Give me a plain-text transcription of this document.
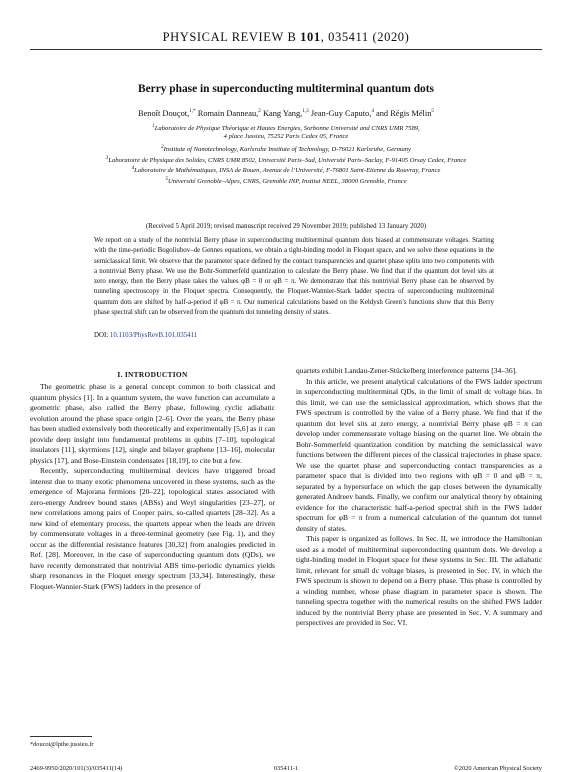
PHYSICAL REVIEW B 101, 035411 (2020)
Berry phase in superconducting multiterminal quantum dots
Benoît Douçot,$^{1,*}$ Romain Danneau,$^2$ Kang Yang,$^{1,3}$ Jean-Guy Caputo,$^4$ and Régis Mélin$^5$
$^1$Laboratoire de Physique Théorique et Hautes Energies, Sorbonne Université and CNRS UMR 7589,
4 place Jussieu, 75252 Paris Cedex 05, France
$^2$Institute of Nanotechnology, Karlsruhe Institute of Technology, D-76021 Karlsruhe, Germany
$^3$Laboratoire de Physique des Solides, CNRS UMR 8502, Université Paris–Sud, Université Paris–Saclay, F-91405 Orsay Cedex, France
$^4$Laboratoire de Mathématiques, INSA de Rouen, Avenue de l’Université, F-76801 Saint-Etienne du Rouvray, France
$^5$Université Grenoble–Alpes, CNRS, Grenoble INP, Institut NEEL, 38000 Grenoble, France
(Received 5 April 2019; revised manuscript received 29 November 2019; published 13 January 2020)
We report on a study of the nontrivial Berry phase in superconducting multiterminal quantum dots biased at commensurate voltages. Starting with the time-periodic Bogoliubov–de Gennes equations, we obtain a tight-binding model in Floquet space, and we solve these equations in the semiclassical limit. We observe that the parameter space defined by the contact transparencies and quartet phase splits into two components with a nontrivial Berry phase. We use the Bohr-Sommerfeld quantization to calculate the Berry phase. We find that if the quantum dot level sits at zero energy, then the Berry phase takes the values φB = 0 or φB = π. We demonstrate that this nontrivial Berry phase can be observed by tunneling spectroscopy in the Floquet spectra. Consequently, the Floquet-Wannier-Stark ladder spectra of superconducting multiterminal quantum dots are shifted by half-a-period if φB = π. Our numerical calculations based on the Keldysh Green’s functions show that this Berry phase spectral shift can be observed from the quantum dot tunneling density of states.
DOI: 10.1103/PhysRevB.101.035411
I. INTRODUCTION

The geometric phase is a general concept common to both classical and quantum physics [1]. In a quantum system, the wave function can accumulate a geometric phase, also called the Berry phase, following cyclic adiabatic evolution around the phase space origin [2–6]. Over the years, the Berry phase has been studied extensively both theoretically and experimentally [5,6] as it can provide deep insight into fundamental problems in qubits [7–10], topological insulators [11], skyrmions [12], single and bilayer graphene [13–16], molecular physics [17], and Bose-Einstein condensates [18,19], to cite but a few.

Recently, superconducting multiterminal devices have triggered broad interest due to many exotic phenomena uncovered in these systems, such as the emergence of Majorana fermions [20–22], topological states associated with zero-energy Andreev bound states (ABSs) and Weyl singularities [23–27], or new correlations among pairs of Cooper pairs, so-called quartets [28–32]. As a new kind of elementary process, the quartets appear when the leads are driven by commensurate voltages in a three-terminal geometry (see Fig. 1), and they occur as the differential resistance features [30,32] from analogies predicted in Ref. [28]. Moreover, in the case of superconducting quantum dots (QDs), we have recently demonstrated that nontrivial ABS time-periodic dynamics yields sharp resonances in the Floquet energy spectrum [33,34]. Interestingly, these Floquet-Wannier-Stark (FWS) ladders in the presence of

quartets exhibit Landau-Zener-Stückelberg interference patterns [34–36].

In this article, we present analytical calculations of the FWS ladder spectrum in superconducting multiterminal QDs, in the limit of small dc voltage bias. In this limit, we can use the semiclassical approximation, which shows that the FWS spectrum is controlled by the value of a Berry phase. We find that if the quantum dot level sits at zero energy, a nontrivial Berry phase φB = π can develop under commensurate voltage biasing on the quartet line. We obtain the Bohr-Sommerfeld quantization condition by matching the semiclassical wave functions between the different pieces of the classical trajectories in phase space. We use the quartet phase and superconducting contact transparencies as a parameter space that is divided into two regions with φB = 0 and φB = π, separated by a hypersurface on which the gap closes between the dynamically generated Andreev bands. Finally, we confirm our analytical theory by obtaining evidence for the characteristic half-a-period spectral shift in the FWS ladder spectrum for φB = π from a numerical calculation of the quantum dot tunnel density of states.

This paper is organized as follows. In Sec. II, we introduce the Hamiltonian used as a model of multiterminal superconducting quantum dots. We develop a tight-binding model in Floquet space for these systems in Sec. III. The adiabatic limit, relevant for small dc voltage biases, is presented in Sec. IV, in which the FWS spectrum is shown to depend on a Berry phase. This phase is controlled by a winding number, whose phase diagram in parameter space is shown. The tunneling spectra together with the numerical results on the shifted FWS ladder induced by the nontrivial Berry phase are presented in Sec. V. A summary and perspectives are provided in Sec. VI.

*doucot@lpthe.jussieu.fr
2469-9950/2020/101(3)/035411(14)	035411-1	©2020 American Physical Society
